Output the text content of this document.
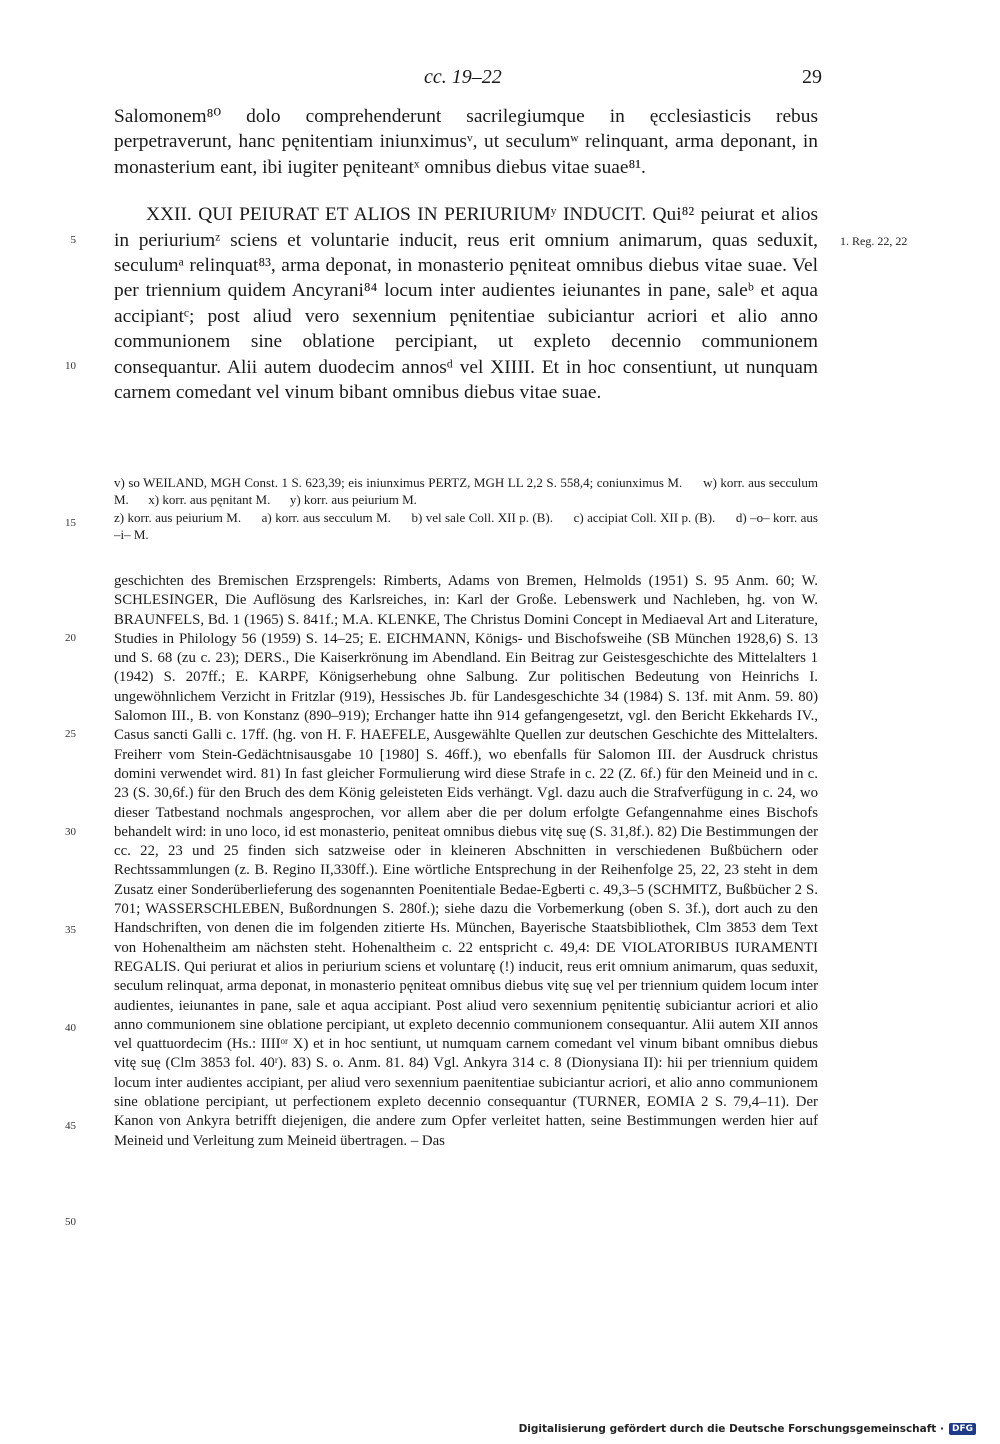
cc. 19–22	29

Salomonem⁸⁰ dolo comprehenderunt sacrilegiumque in ęcclesiasticis rebus perpetraverunt, hanc pęnitentiam iniunximusᵛ, ut seculumʷ relinquant, arma deponant, in monasterium eant, ibi iugiter pęniteantˣ omnibus diebus vitae suae⁸¹.

XXII. QUI PEIURAT ET ALIOS IN PERIURIUMʸ INDUCIT. Qui⁸² peiurat et alios in periuriumᶻ sciens et voluntarie inducit, reus erit omnium animarum, quas seduxit, seculumᵃ relinquat⁸³, arma deponat, in monasterio pęniteat omnibus diebus vitae suae. Vel per triennium quidem Ancyrani⁸⁴ locum inter audientes ieiunantes in pane, saleᵇ et aqua accipiantᶜ; post aliud vero sexennium pęnitentiae subiciantur acriori et alio anno communionem sine oblatione percipiant, ut expleto decennio communionem consequantur. Alii autem duodecim annosᵈ vel XIIII. Et in hoc consentiunt, ut nunquam carnem comedant vel vinum bibant omnibus diebus vitae suae.

1. Reg. 22, 22
v) so WEILAND, MGH Const. 1 S. 623,39; eis iniunximus PERTZ, MGH LL 2,2 S. 558,4; coniunximus M.      w) korr. aus secculum M.      x) korr. aus pęnitant M.      y) korr. aus peiurium M.
z) korr. aus peiurium M.      a) korr. aus secculum M.      b) vel sale Coll. XII p. (B).      c) accipiat Coll. XII p. (B).      d) –o– korr. aus –i– M.

geschichten des Bremischen Erzsprengels: Rimberts, Adams von Bremen, Helmolds (1951) S. 95 Anm. 60; W. SCHLESINGER, Die Auflösung des Karlsreiches, in: Karl der Große. Lebenswerk und Nachleben, hg. von W. BRAUNFELS, Bd. 1 (1965) S. 841f.; M.A. KLENKE, The Christus Domini Concept in Mediaeval Art and Literature, Studies in Philology 56 (1959) S. 14–25; E. EICHMANN, Königs- und Bischofsweihe (SB München 1928,6) S. 13 und S. 68 (zu c. 23); DERS., Die Kaiserkrönung im Abendland. Ein Beitrag zur Geistesgeschichte des Mittelalters 1 (1942) S. 207ff.; E. KARPF, Königserhebung ohne Salbung. Zur politischen Bedeutung von Heinrichs I. ungewöhnlichem Verzicht in Fritzlar (919), Hessisches Jb. für Landesgeschichte 34 (1984) S. 13f. mit Anm. 59. 80) Salomon III., B. von Konstanz (890–919); Erchanger hatte ihn 914 gefangengesetzt, vgl. den Bericht Ekkehards IV., Casus sancti Galli c. 17ff. (hg. von H. F. HAEFELE, Ausgewählte Quellen zur deutschen Geschichte des Mittelalters. Freiherr vom Stein-Gedächtnisausgabe 10 [1980] S. 46ff.), wo ebenfalls für Salomon III. der Ausdruck christus domini verwendet wird. 81) In fast gleicher Formulierung wird diese Strafe in c. 22 (Z. 6f.) für den Meineid und in c. 23 (S. 30,6f.) für den Bruch des dem König geleisteten Eids verhängt. Vgl. dazu auch die Strafverfügung in c. 24, wo dieser Tatbestand nochmals angesprochen, vor allem aber die per dolum erfolgte Gefangennahme eines Bischofs behandelt wird: in uno loco, id est monasterio, peniteat omnibus diebus vitę suę (S. 31,8f.). 82) Die Bestimmungen der cc. 22, 23 und 25 finden sich satzweise oder in kleineren Abschnitten in verschiedenen Bußbüchern oder Rechtssammlungen (z. B. Regino II,330ff.). Eine wörtliche Entsprechung in der Reihenfolge 25, 22, 23 steht in dem Zusatz einer Sonderüberlieferung des sogenannten Poenitentiale Bedae-Egberti c. 49,3–5 (SCHMITZ, Bußbücher 2 S. 701; WASSERSCHLEBEN, Bußordnungen S. 280f.); siehe dazu die Vorbemerkung (oben S. 3f.), dort auch zu den Handschriften, von denen die im folgenden zitierte Hs. München, Bayerische Staatsbibliothek, Clm 3853 dem Text von Hohenaltheim am nächsten steht. Hohenaltheim c. 22 entspricht c. 49,4: DE VIOLATORIBUS IURAMENTI REGALIS. Qui periurat et alios in periurium sciens et voluntarę (!) inducit, reus erit omnium animarum, quas seduxit, seculum relinquat, arma deponat, in monasterio pęniteat omnibus diebus vitę suę vel per triennium quidem locum inter audientes, ieiunantes in pane, sale et aqua accipiant. Post aliud vero sexennium pęnitentię subiciantur acriori et alio anno communionem sine oblatione percipiant, ut expleto decennio communionem consequantur. Alii autem XII annos vel quattuordecim (Hs.: IIIIᵒʳ X) et in hoc sentiunt, ut numquam carnem comedant vel vinum bibant omnibus diebus vitę suę (Clm 3853 fol. 40ʳ). 83) S. o. Anm. 81. 84) Vgl. Ankyra 314 c. 8 (Dionysiana II): hii per triennium quidem locum inter audientes accipiant, per aliud vero sexennium paenitentiae subiciantur acriori, et alio anno communionem sine oblatione percipiant, ut perfectionem expleto decennio consequantur (TURNER, EOMIA 2 S. 79,4–11). Der Kanon von Ankyra betrifft diejenigen, die andere zum Opfer verleitet hatten, seine Bestimmungen werden hier auf Meineid und Verleitung zum Meineid übertragen. – Das

5
10
15
20
25
30
35
40
45
50
Digitalisierung gefördert durch die Deutsche Forschungsgemeinschaft · DFG
